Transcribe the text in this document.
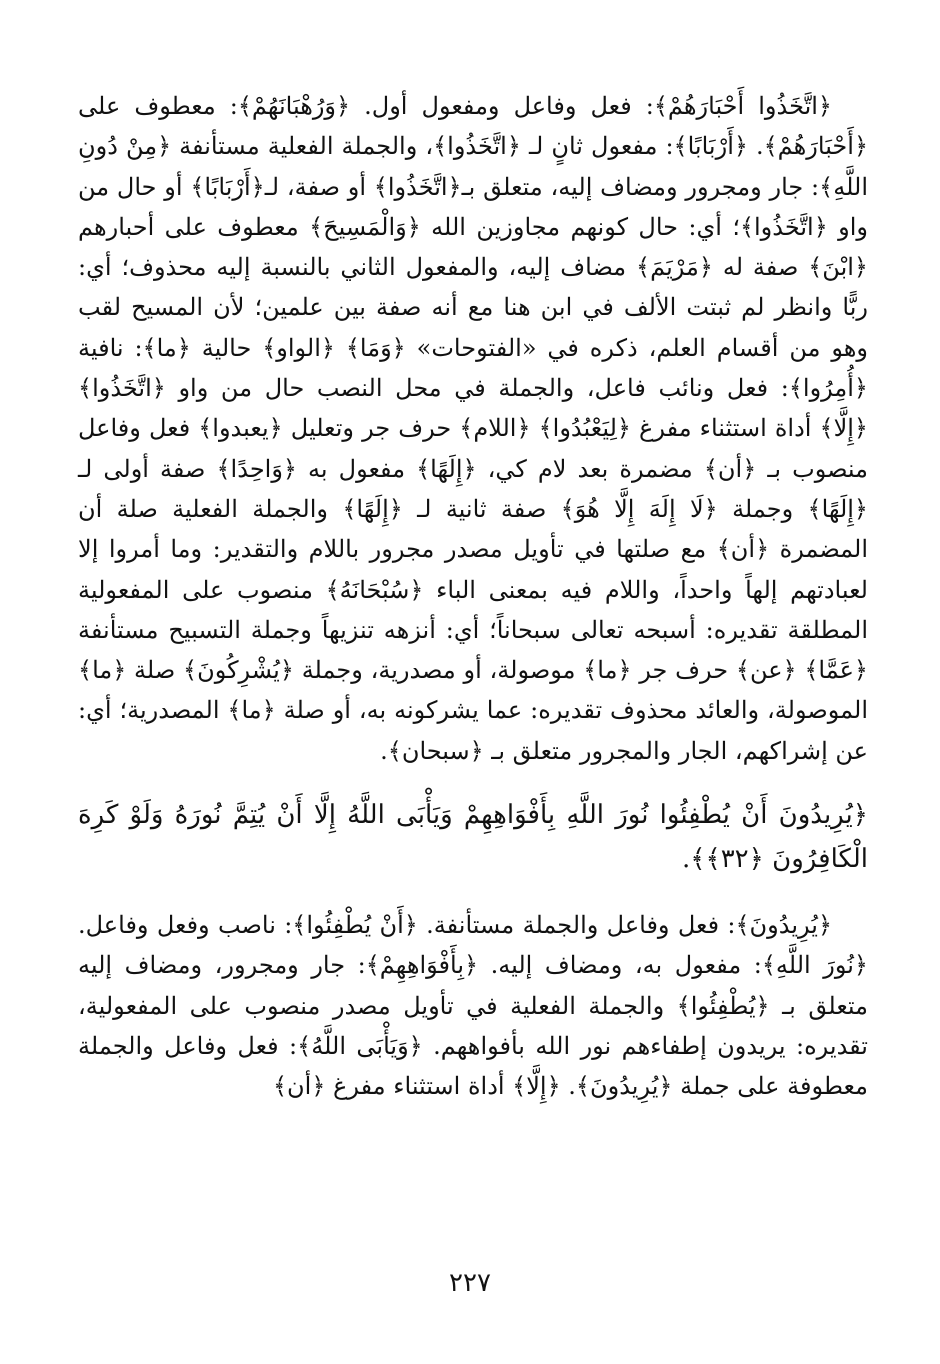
﴿اتَّخَذُوا أَحْبَارَهُمْ﴾: فعل وفاعل ومفعول أول. ﴿وَرُهْبَانَهُمْ﴾: معطوف على ﴿أَحْبَارَهُمْ﴾. ﴿أَرْبَابًا﴾: مفعول ثانٍ لـ ﴿اتَّخَذُوا﴾، والجملة الفعلية مستأنفة ﴿مِنْ دُونِ اللَّهِ﴾: جار ومجرور ومضاف إليه، متعلق بـ﴿اتَّخَذُوا﴾ أو صفة، لـ﴿أَرْبَابًا﴾ أو حال من واو ﴿اتَّخَذُوا﴾؛ أي: حال كونهم مجاوزين الله ﴿وَالْمَسِيحَ﴾ معطوف على أحبارهم ﴿ابْنَ﴾ صفة له ﴿مَرْيَمَ﴾ مضاف إليه، والمفعول الثاني بالنسبة إليه محذوف؛ أي: ربًّا وانظر لم ثبتت الألف في ابن هنا مع أنه صفة بين علمين؛ لأن المسيح لقب وهو من أقسام العلم، ذكره في «الفتوحات» ﴿وَمَا﴾ ﴿الواو﴾ حالية ﴿ما﴾: نافية ﴿أُمِرُوا﴾: فعل ونائب فاعل، والجملة في محل النصب حال من واو ﴿اتَّخَذُوا﴾ ﴿إِلَّا﴾ أداة استثناء مفرغ ﴿لِيَعْبُدُوا﴾ ﴿اللام﴾ حرف جر وتعليل ﴿يعبدوا﴾ فعل وفاعل منصوب بـ ﴿أن﴾ مضمرة بعد لام كي، ﴿إِلَهًا﴾ مفعول به ﴿وَاحِدًا﴾ صفة أولى لـ ﴿إِلَهًا﴾ وجملة ﴿لَا إِلَهَ إِلَّا هُوَ﴾ صفة ثانية لـ ﴿إِلَهًا﴾ والجملة الفعلية صلة أن المضمرة ﴿أن﴾ مع صلتها في تأويل مصدر مجرور باللام والتقدير: وما أمروا إلا لعبادتهم إلهاً واحداً، واللام فيه بمعنى الباء ﴿سُبْحَانَهُ﴾ منصوب على المفعولية المطلقة تقديره: أسبحه تعالى سبحاناً؛ أي: أنزهه تنزيهاً وجملة التسبيح مستأنفة ﴿عَمَّا﴾ ﴿عن﴾ حرف جر ﴿ما﴾ موصولة، أو مصدرية، وجملة ﴿يُشْرِكُونَ﴾ صلة ﴿ما﴾ الموصولة، والعائد محذوف تقديره: عما يشركونه به، أو صلة ﴿ما﴾ المصدرية؛ أي: عن إشراكهم، الجار والمجرور متعلق بـ ﴿سبحان﴾.

﴿يُرِيدُونَ أَنْ يُطْفِئُوا نُورَ اللَّهِ بِأَفْوَاهِهِمْ وَيَأْبَى اللَّهُ إِلَّا أَنْ يُتِمَّ نُورَهُ وَلَوْ كَرِهَ الْكَافِرُونَ ﴿٣٢﴾﴾.

﴿يُرِيدُونَ﴾: فعل وفاعل والجملة مستأنفة. ﴿أَنْ يُطْفِئُوا﴾: ناصب وفعل وفاعل. ﴿نُورَ اللَّهِ﴾: مفعول به، ومضاف إليه. ﴿بِأَفْوَاهِهِمْ﴾: جار ومجرور، ومضاف إليه متعلق بـ ﴿يُطْفِئُوا﴾ والجملة الفعلية في تأويل مصدر منصوب على المفعولية، تقديره: يريدون إطفاءهم نور الله بأفواههم. ﴿وَيَأْبَى اللَّهُ﴾: فعل وفاعل والجملة معطوفة على جملة ﴿يُرِيدُونَ﴾. ﴿إِلَّا﴾ أداة استثناء مفرغ ﴿أن﴾

٢٢٧
